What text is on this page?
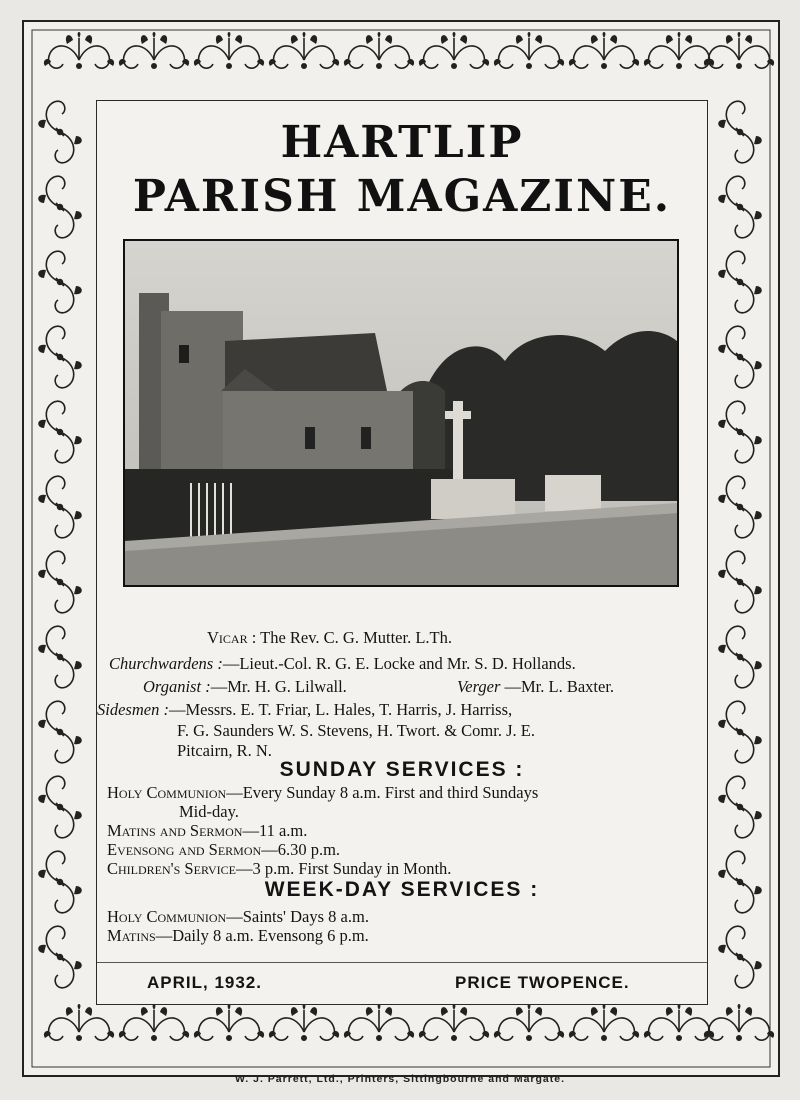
HARTLIP
PARISH MAGAZINE.
Vicar : The Rev. C. G. Mutter. L.Th.
Churchwardens :—Lieut.-Col. R. G. E. Locke and Mr. S. D. Hollands.
Organist :—Mr. H. G. Lilwall.	Verger —Mr. L. Baxter.
Sidesmen :—Messrs. E. T. Friar, L. Hales, T. Harris, J. Harriss,
F. G. Saunders W. S. Stevens, H. Twort. & Comr. J. E.
Pitcairn, R. N.
SUNDAY SERVICES :
Holy Communion—Every Sunday 8 a.m. First and third Sundays
Mid-day.
Matins and Sermon—11 a.m.
Evensong and Sermon—6.30 p.m.
Children's Service—3 p.m. First Sunday in Month.
WEEK-DAY SERVICES :
Holy Communion—Saints' Days 8 a.m.
Matins—Daily 8 a.m. Evensong 6 p.m.
APRIL, 1932.	PRICE TWOPENCE.
W. J. Parrett, Ltd., Printers, Sittingbourne and Margate.
